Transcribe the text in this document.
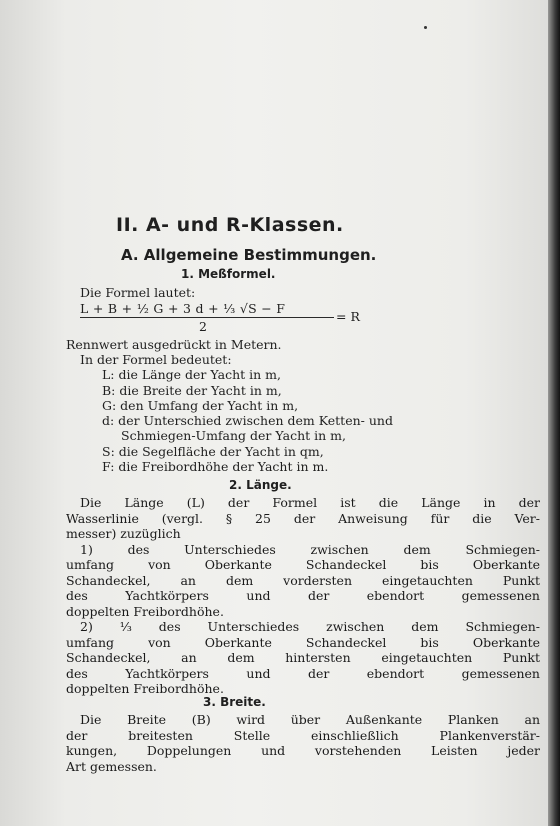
II. A- und R-Klassen.
A. Allgemeine Bestimmungen.
1. Meßformel.
Die Formel lautet:
L + B + ½ G + 3 d + ⅓ √S − F
2
= R
Rennwert ausgedrückt in Metern.
In der Formel bedeutet:
L: die Länge der Yacht in m,
B: die Breite der Yacht in m,
G: den Umfang der Yacht in m,
d: der Unterschied zwischen dem Ketten- und
Schmiegen-Umfang der Yacht in m,
S: die Segelfläche der Yacht in qm,
F: die Freibordhöhe der Yacht in m.
2. Länge.
Die Länge (L) der Formel ist die Länge in der
Wasserlinie (vergl. § 25 der Anweisung für die Ver-
messer) zuzüglich
1) des Unterschiedes zwischen dem Schmiegen-
umfang von Oberkante Schandeckel bis Oberkante
Schandeckel, an dem vordersten eingetauchten Punkt
des Yachtkörpers und der ebendort gemessenen
doppelten Freibordhöhe.
2) ⅓ des Unterschiedes zwischen dem Schmiegen-
umfang von Oberkante Schandeckel bis Oberkante
Schandeckel, an dem hintersten eingetauchten Punkt
des Yachtkörpers und der ebendort gemessenen
doppelten Freibordhöhe.
3. Breite.
Die Breite (B) wird über Außenkante Planken an
der breitesten Stelle einschließlich Plankenverstär-
kungen, Doppelungen und vorstehenden Leisten jeder
Art gemessen.
